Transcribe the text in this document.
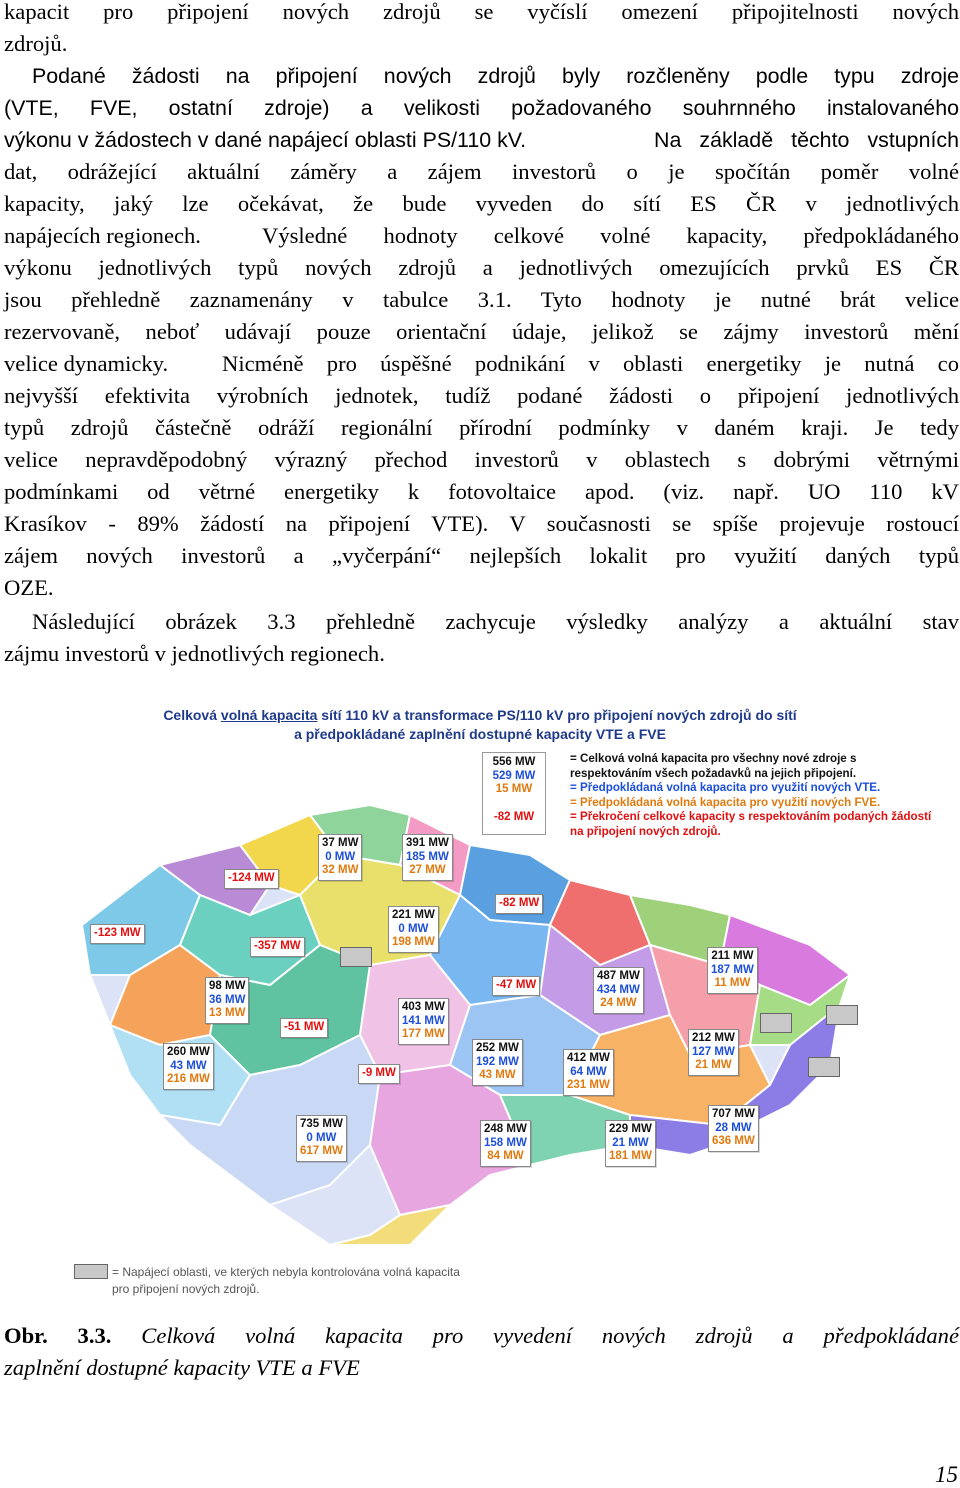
kapacit pro připojení nových zdrojů se vyčíslí omezení připojitelnosti nových
zdrojů.
Podané žádosti na připojení nových zdrojů byly rozčleněny podle typu zdroje
(VTE, FVE, ostatní zdroje) a velikosti požadovaného souhrnného instalovaného
výkonu v žádostech v dané napájecí oblasti PS/110 kV.	Na základě těchto vstupních
dat, odrážející aktuální záměry a zájem investorů o je spočítán poměr volné
kapacity, jaký lze očekávat, že bude vyveden do sítí ES ČR v jednotlivých
napájecích regionech.	Výsledné hodnoty celkové volné kapacity, předpokládaného
výkonu jednotlivých typů nových zdrojů a jednotlivých omezujících prvků ES ČR
jsou přehledně zaznamenány v tabulce 3.1. Tyto hodnoty je nutné brát velice
rezervovaně, neboť udávají pouze orientační údaje, jelikož se zájmy investorů mění
velice dynamicky. Nicméně pro úspěšné podnikání v oblasti energetiky je nutná co
nejvyšší efektivita výrobních jednotek, tudíž podané žádosti o připojení jednotlivých
typů zdrojů částečně odráží regionální přírodní podmínky v daném kraji. Je tedy
velice nepravděpodobný výrazný přechod investorů v oblastech s dobrými větrnými
podmínkami od větrné energetiky k fotovoltaice apod. (viz. např. UO 110 kV
Krasíkov - 89% žádostí na připojení VTE). V současnosti se spíše projevuje rostoucí
zájem nových investorů a „vyčerpání“ nejlepších lokalit pro využití daných typů
OZE.
Následující obrázek 3.3 přehledně zachycuje výsledky analýzy a aktuální stav
zájmu investorů v jednotlivých regionech.
Celková volná kapacita sítí 110 kV a transformace PS/110 kV pro připojení nových zdrojů do sítí
a předpokládané zaplnění dostupné kapacity VTE a FVE
556 MW
529 MW
15 MW
-82 MW
= Celková volná kapacita pro všechny nové zdroje s respektováním všech požadavků na jejich připojení.
= Předpokládaná volná kapacita pro využití nových VTE.
= Předpokládaná volná kapacita pro využití nových FVE.
= Překročení celkové kapacity s respektováním podaných žádostí na připojení nových zdrojů.
37 MW
0 MW
32 MW
391 MW
185 MW
27 MW
221 MW
0 MW
198 MW
98 MW
36 MW
13 MW	403 MW
141 MW
177 MW
487 MW
434 MW
24 MW
211 MW
187 MW
11 MW
212 MW
127 MW
21 MW
260 MW
43 MW
216 MW
252 MW
192 MW
43 MW
412 MW
64 MW
231 MW
735 MW
0 MW
617 MW
248 MW
158 MW
84 MW
229 MW
21 MW
181 MW
707 MW
28 MW
636 MW
-124 MW
-123 MW
-357 MW
-82 MW
-47 MW
-51 MW
-9 MW
= Napájecí oblasti, ve kterých nebyla kontrolována volná kapacita pro připojení nových zdrojů.
Obr. 3.3. Celková volná kapacita pro vyvedení nových zdrojů a předpokládané
zaplnění dostupné kapacity VTE a FVE
15
